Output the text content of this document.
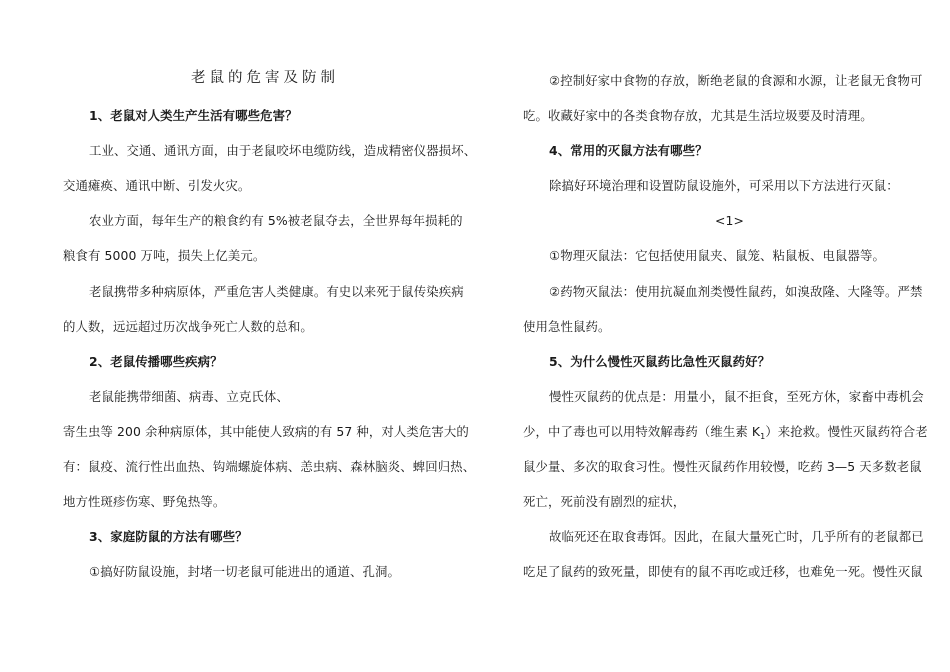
老鼠的危害及防制
1、老鼠对人类生产生活有哪些危害？
工业、交通、通讯方面，由于老鼠咬坏电缆防线，造成精密仪器损坏、
交通瘫痪、通讯中断、引发火灾。
农业方面，每年生产的粮食约有 5%被老鼠夺去，全世界每年损耗的
粮食有 5000 万吨，损失上亿美元。
老鼠携带多种病原体，严重危害人类健康。有史以来死于鼠传染疾病
的人数，远远超过历次战争死亡人数的总和。
2、老鼠传播哪些疾病？
老鼠能携带细菌、病毒、立克氏体、
寄生虫等 200 余种病原体，其中能使人致病的有 57 种，对人类危害大的
有：鼠疫、流行性出血热、钩端螺旋体病、恙虫病、森林脑炎、蜱回归热、
地方性斑疹伤寒、野兔热等。
3、家庭防鼠的方法有哪些？
①搞好防鼠设施，封堵一切老鼠可能进出的通道、孔洞。
②控制好家中食物的存放，断绝老鼠的食源和水源，让老鼠无食物可
吃。收藏好家中的各类食物存放，尤其是生活垃圾要及时清理。
4、常用的灭鼠方法有哪些？
除搞好环境治理和设置防鼠设施外，可采用以下方法进行灭鼠：
<1>
①物理灭鼠法：它包括使用鼠夹、鼠笼、粘鼠板、电鼠器等。
②药物灭鼠法：使用抗凝血剂类慢性鼠药，如溴敌隆、大隆等。严禁
使用急性鼠药。
5、为什么慢性灭鼠药比急性灭鼠药好？
慢性灭鼠药的优点是：用量小，鼠不拒食，至死方休，家畜中毒机会
少，中了毒也可以用特效解毒药（维生素 $K_1$）来抢救。慢性灭鼠药符合老
鼠少量、多次的取食习性。慢性灭鼠药作用较慢，吃药 3—5 天多数老鼠
死亡，死前没有剧烈的症状，
故临死还在取食毒饵。因此，在鼠大量死亡时，几乎所有的老鼠都已
吃足了鼠药的致死量，即使有的鼠不再吃或迁移，也难免一死。慢性灭鼠
